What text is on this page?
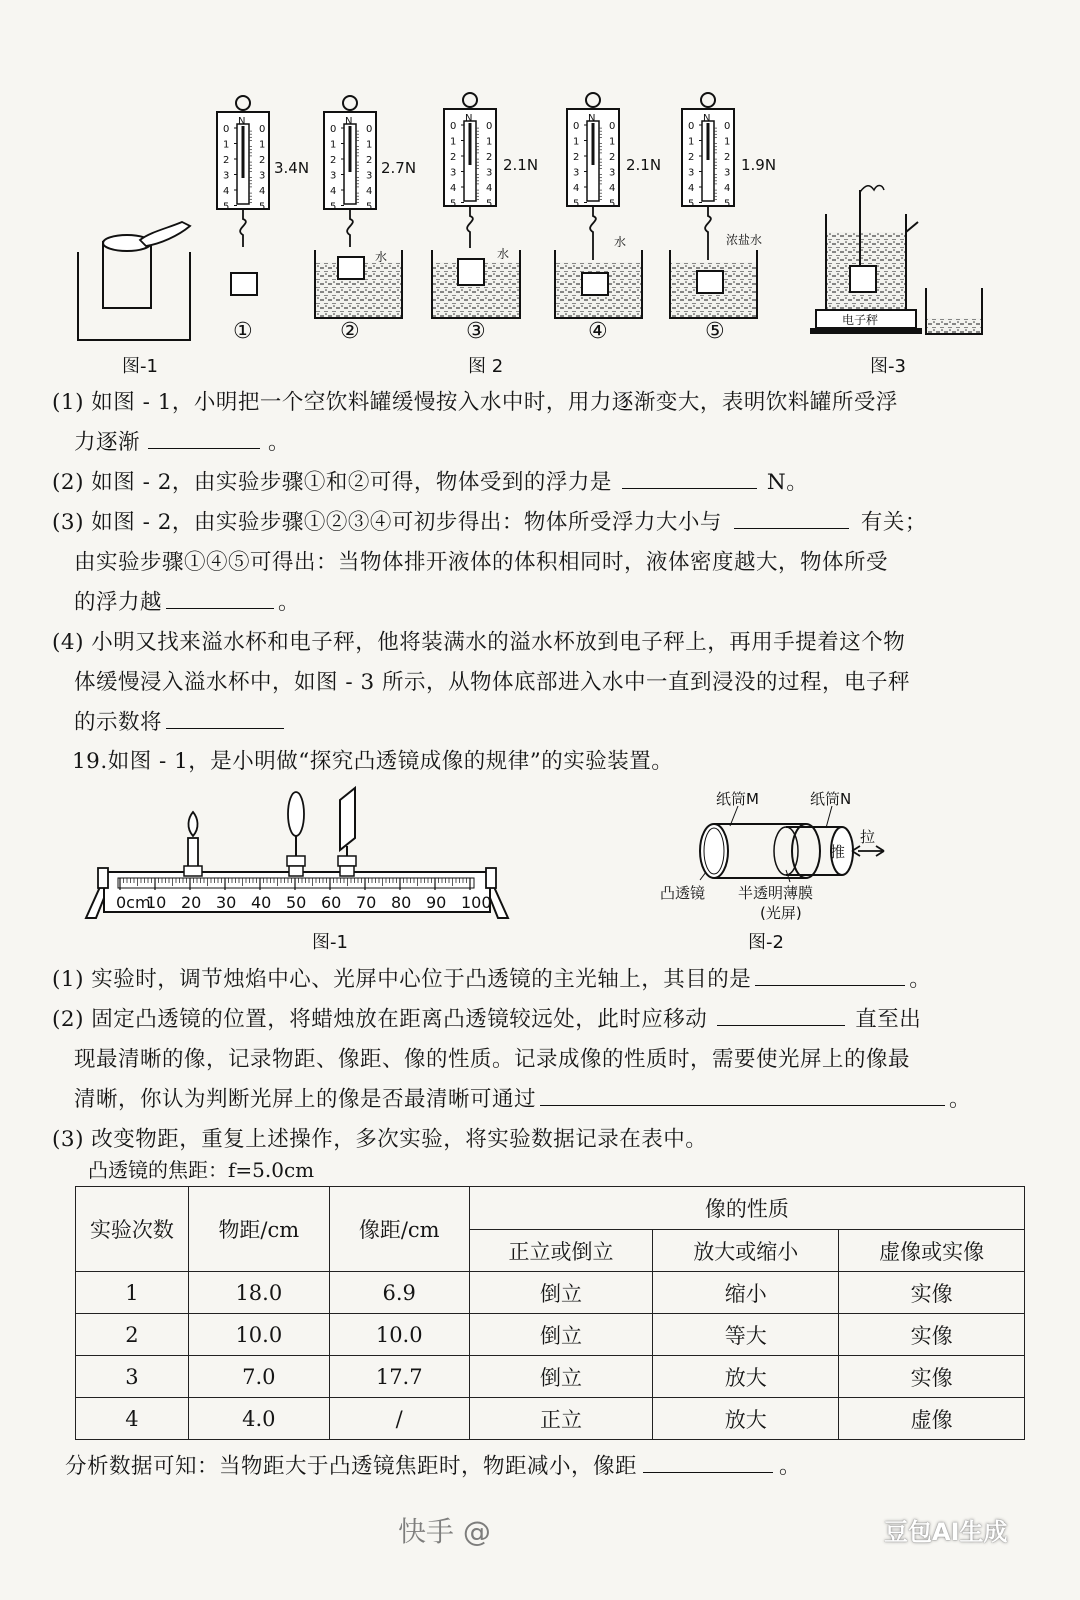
3.4N	2.7N	2.1N	2.1N	1.9N
N	N	N	N	N
水	水
水	浓盐水
①	②	③	④	⑤	电子秤
图-1	图 2	图-3
0	0
1	1
2	2
3	3
4	4
5	5
0	0
1	1
2	2
3	3
4	4
5	5
0	0
1	1
2	2
3	3
4	4
5	5
0	0
1	1
2	2
3	3
4	4
5	5
0	0
1	1
2	2
3	3
4	4
5	5

(1) 如图 - 1，小明把一个空饮料罐缓慢按入水中时，用力逐渐变大，表明饮料罐所受浮

力逐渐	。

(2) 如图 - 2，由实验步骤①和②可得，物体受到的浮力是	N。

(3) 如图 - 2，由实验步骤①②③④可初步得出：物体所受浮力大小与	有关；

由实验步骤①④⑤可得出：当物体排开液体的体积相同时，液体密度越大，物体所受

的浮力越	。

(4) 小明又找来溢水杯和电子秤，他将装满水的溢水杯放到电子秤上，再用手提着这个物

体缓慢浸入溢水杯中，如图 - 3 所示，从物体底部进入水中一直到浸没的过程，电子秤

的示数将

19.如图 - 1，是小明做“探究凸透镜成像的规律”的实验装置。

0cm
10 20 30 40 50 60 70 80 90 100
纸筒M	纸筒N
推
拉
凸透镜 半透明薄膜
(光屏)
图-1	图-2

(1) 实验时，调节烛焰中心、光屏中心位于凸透镜的主光轴上，其目的是	。

(2) 固定凸透镜的位置，将蜡烛放在距离凸透镜较远处，此时应移动	直至出

现最清晰的像，记录物距、像距、像的性质。记录成像的性质时，需要使光屏上的像最

清晰，你认为判断光屏上的像是否最清晰可通过	。

(3) 改变物距，重复上述操作，多次实验，将实验数据记录在表中。

凸透镜的焦距：f=5.0cm
实验次数	物距/cm	像距/cm	像的性质		
			正立或倒立	放大或缩小	虚像或实像
1	18.0	6.9	倒立	缩小	实像
2	10.0	10.0	倒立	等大	实像
3	7.0	17.7	倒立	放大	实像
4	4.0	/	正立	放大	虚像

分析数据可知：当物距大于凸透镜焦距时，物距减小，像距	。

快手 @	豆包AI生成
